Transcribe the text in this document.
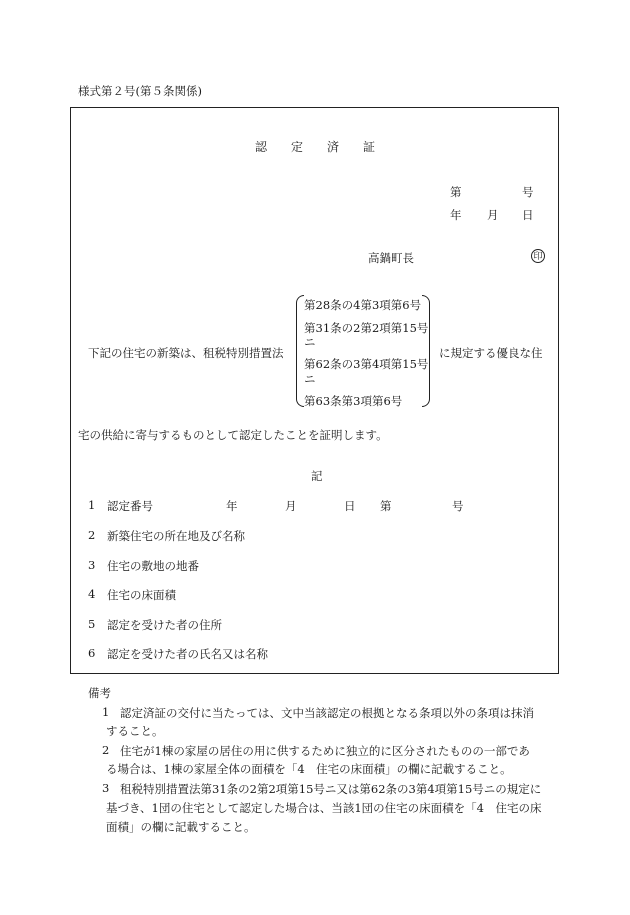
様式第２号(第５条関係)
認 定 済 証
第	号
年 月 日
高鍋町長	印
下記の住宅の新築は、租税特別措置法
第28条の4第3項第6号
第31条の2第2項第15号
ニ
第62条の3第4項第15号
ニ
第63条第3項第6号
に規定する優良な住
宅の供給に寄与するものとして認定したことを証明します。
記
1 認定番号	年	月	日 第	号
2 新築住宅の所在地及び名称
3 住宅の敷地の地番
4 住宅の床面積
5 認定を受けた者の住所
6 認定を受けた者の氏名又は名称
備考
1 認定済証の交付に当たっては、文中当該認定の根拠となる条項以外の条項は抹消
すること。
2 住宅が1棟の家屋の居住の用に供するために独立的に区分されたものの一部であ
る場合は、1棟の家屋全体の面積を「4　住宅の床面積」の欄に記載すること。
3 租税特別措置法第31条の2第2項第15号ニ又は第62条の3第4項第15号ニの規定に
基づき、1団の住宅として認定した場合は、当該1団の住宅の床面積を「4　住宅の床
面積」の欄に記載すること。
